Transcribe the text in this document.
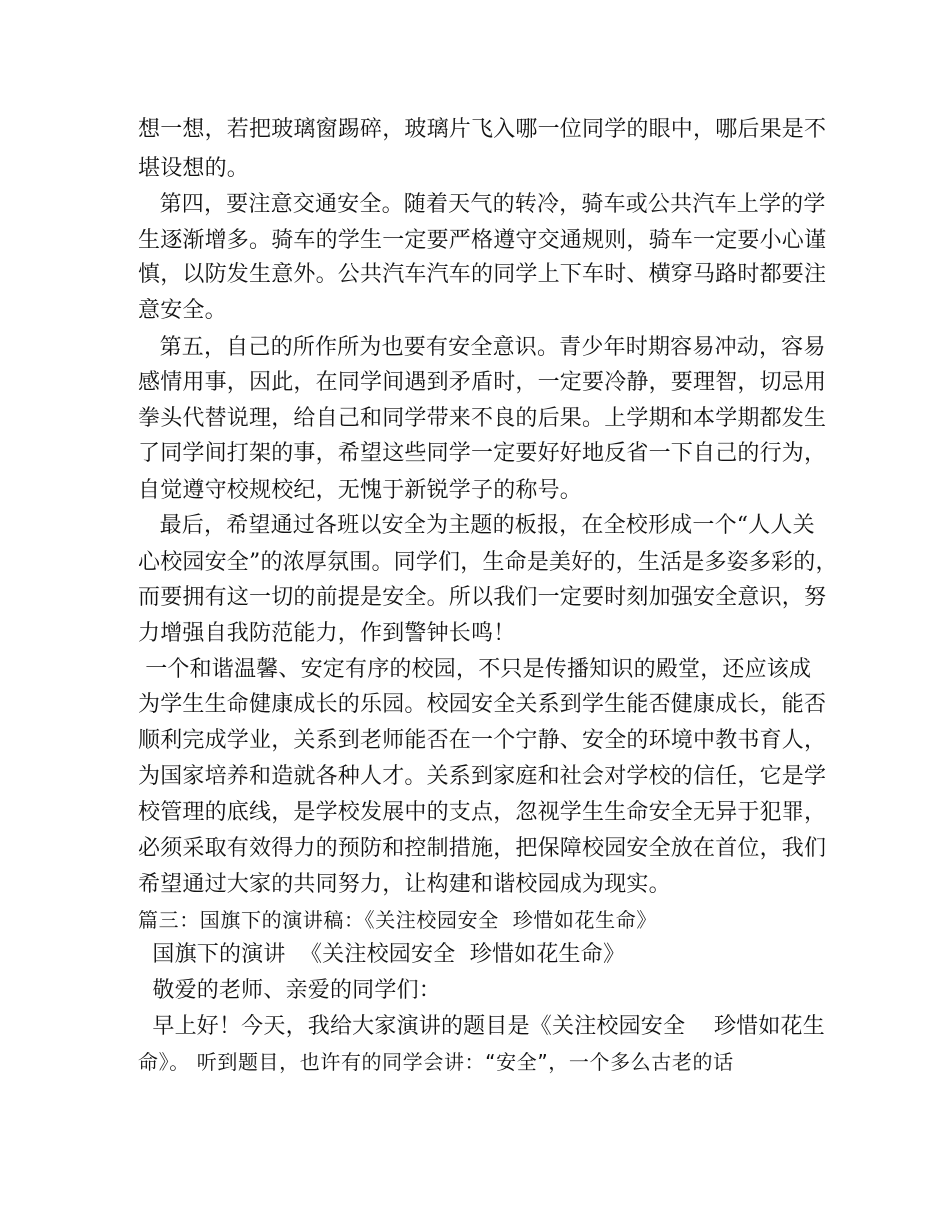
想一想，若把玻璃窗踢碎，玻璃片飞入哪一位同学的眼中，哪后果是不
堪设想的。
第四，要注意交通安全。随着天气的转冷，骑车或公共汽车上学的学
生逐渐增多。骑车的学生一定要严格遵守交通规则，骑车一定要小心谨
慎，以防发生意外。公共汽车汽车的同学上下车时、横穿马路时都要注
意安全。
第五，自己的所作所为也要有安全意识。青少年时期容易冲动，容易
感情用事，因此，在同学间遇到矛盾时，一定要冷静，要理智，切忌用
拳头代替说理，给自己和同学带来不良的后果。上学期和本学期都发生
了同学间打架的事，希望这些同学一定要好好地反省一下自己的行为，
自觉遵守校规校纪，无愧于新锐学子的称号。
最后，希望通过各班以安全为主题的板报，在全校形成一个“人人关
心校园安全”的浓厚氛围。同学们，生命是美好的，生活是多姿多彩的，
而要拥有这一切的前提是安全。所以我们一定要时刻加强安全意识，努
力增强自我防范能力，作到警钟长鸣！
一个和谐温馨、安定有序的校园，不只是传播知识的殿堂，还应该成
为学生生命健康成长的乐园。校园安全关系到学生能否健康成长，能否
顺利完成学业，关系到老师能否在一个宁静、安全的环境中教书育人，
为国家培养和造就各种人才。关系到家庭和社会对学校的信任，它是学
校管理的底线，是学校发展中的支点，忽视学生生命安全无异于犯罪，
必须采取有效得力的预防和控制措施，把保障校园安全放在首位，我们
希望通过大家的共同努力，让构建和谐校园成为现实。
篇三：国旗下的演讲稿：《关注校园安全  珍惜如花生命》
国旗下的演讲  《关注校园安全  珍惜如花生命》
敬爱的老师、亲爱的同学们：
早上好！今天，我给大家演讲的题目是《关注校园安全    珍惜如花生
命》。 听到题目，也许有的同学会讲：“安全”，一个多么古老的话
